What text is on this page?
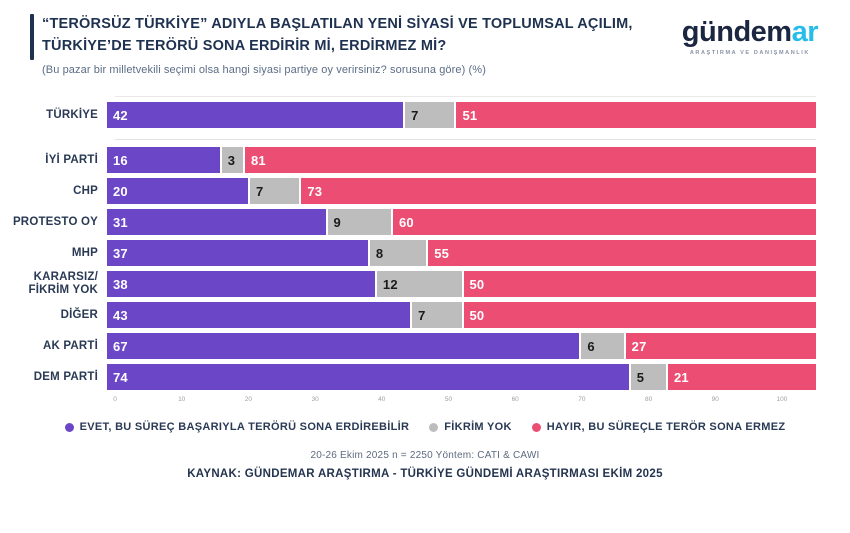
“TERÖRSÜZ TÜRKİYE” ADIYLA BAŞLATILAN YENİ SİYASİ VE TOPLUMSAL AÇILIM,
TÜRKİYE’DE TERÖRÜ SONA ERDİRİR Mİ, ERDİRMEZ Mİ?
(Bu pazar bir milletvekili seçimi olsa hangi siyasi partiye oy verirsiniz? sorusuna göre) (%)
gündemar
ARAŞTIRMA VE DANIŞMANLIK
TÜRKİYE	42	7	51
İYİ PARTİ	16	3	81
CHP	20	7	73
PROTESTO OY	31	9	60
MHP	37	8	55
KARARSIZ/ FİKRİM YOK	38	12	50
DİĞER	43	7	50
AK PARTİ	67	6	27
DEM PARTİ	74	5	21
0	10	20	30	40	50	60	70	80	90	100
EVET, BU SÜREÇ BAŞARIYLA TERÖRÜ SONA ERDİREBİLİR	FİKRİM YOK	HAYIR, BU SÜREÇLE TERÖR SONA ERMEZ
20-26 Ekim 2025 n = 2250 Yöntem: CATI & CAWI
KAYNAK: GÜNDEMAR ARAŞTIRMA - TÜRKİYE GÜNDEMİ ARAŞTIRMASI EKİM 2025
